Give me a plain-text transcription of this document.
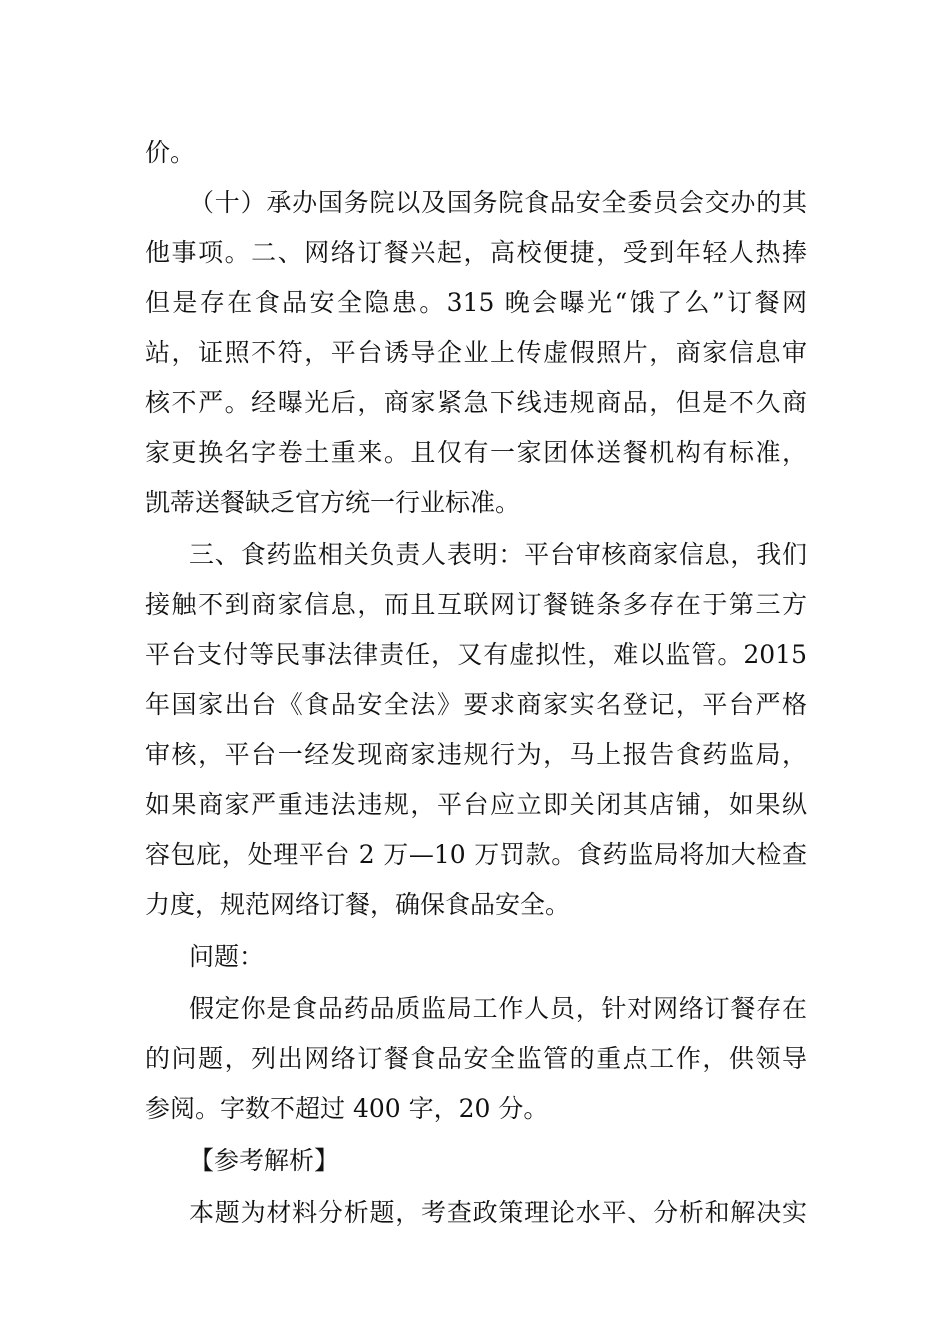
价。
（十）承办国务院以及国务院食品安全委员会交办的其
他事项。二、网络订餐兴起，高校便捷，受到年轻人热捧
但是存在食品安全隐患。315 晚会曝光“饿了么”订餐网
站，证照不符，平台诱导企业上传虚假照片，商家信息审
核不严。经曝光后，商家紧急下线违规商品，但是不久商
家更换名字卷土重来。且仅有一家团体送餐机构有标准，
凯蒂送餐缺乏官方统一行业标准。
三、食药监相关负责人表明：平台审核商家信息，我们
接触不到商家信息，而且互联网订餐链条多存在于第三方
平台支付等民事法律责任，又有虚拟性，难以监管。2015
年国家出台《食品安全法》要求商家实名登记，平台严格
审核，平台一经发现商家违规行为，马上报告食药监局，
如果商家严重违法违规，平台应立即关闭其店铺，如果纵
容包庇，处理平台 2 万—10 万罚款。食药监局将加大检查
力度，规范网络订餐，确保食品安全。
问题：
假定你是食品药品质监局工作人员，针对网络订餐存在
的问题，列出网络订餐食品安全监管的重点工作，供领导
参阅。字数不超过 400 字，20 分。
【参考解析】
本题为材料分析题，考查政策理论水平、分析和解决实
